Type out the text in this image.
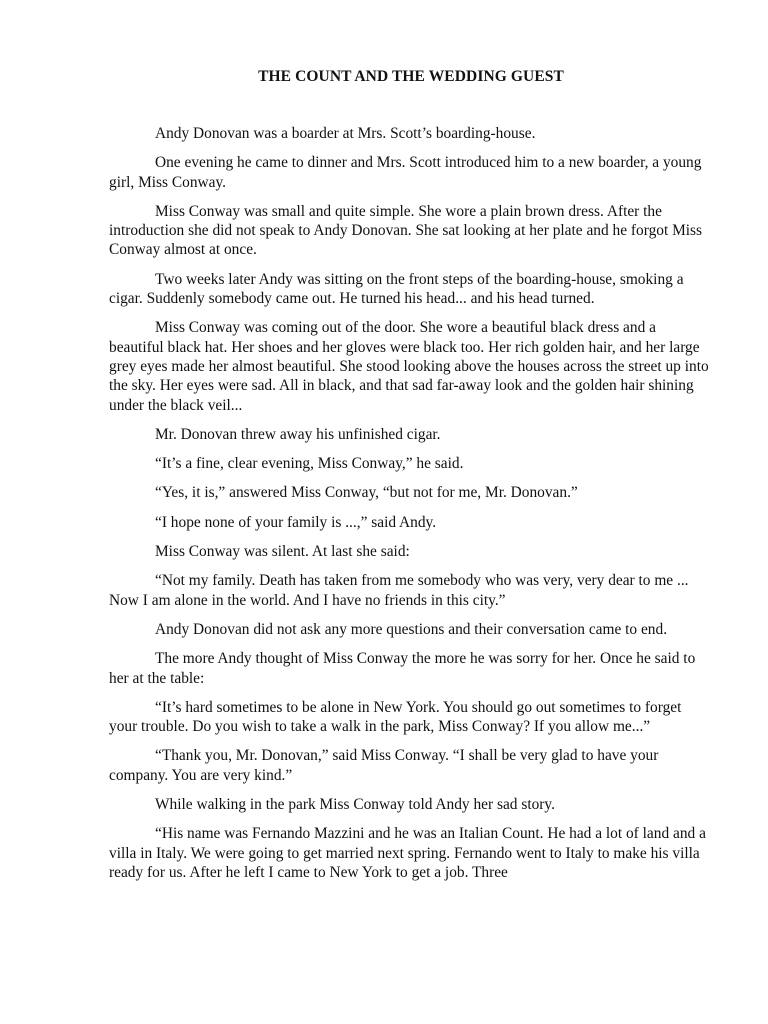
THE COUNT AND THE WEDDING GUEST

Andy Donovan was a boarder at Mrs. Scott’s boarding-house.

One evening he came to dinner and Mrs. Scott introduced him to a new boarder, a young girl, Miss Conway.

Miss Conway was small and quite simple. She wore a plain brown dress. After the introduction she did not speak to Andy Donovan. She sat looking at her plate and he forgot Miss Conway almost at once.

Two weeks later Andy was sitting on the front steps of the boarding-house, smoking a cigar. Suddenly somebody came out. He turned his head... and his head turned.

Miss Conway was coming out of the door. She wore a beautiful black dress and a beautiful black hat. Her shoes and her gloves were black too. Her rich golden hair, and her large grey eyes made her almost beautiful. She stood looking above the houses across the street up into the sky. Her eyes were sad. All in black, and that sad far-away look and the golden hair shining under the black veil...

Mr. Donovan threw away his unfinished cigar.

“It’s a fine, clear evening, Miss Conway,” he said.

“Yes, it is,” answered Miss Conway, “but not for me, Mr. Donovan.”

“I hope none of your family is ...,” said Andy.

Miss Conway was silent. At last she said:

“Not my family. Death has taken from me somebody who was very, very dear to me ... Now I am alone in the world. And I have no friends in this city.”

Andy Donovan did not ask any more questions and their conversation came to end.

The more Andy thought of Miss Conway the more he was sorry for her. Once he said to her at the table:

“It’s hard sometimes to be alone in New York. You should go out sometimes to forget your trouble. Do you wish to take a walk in the park, Miss Conway? If you allow me...”

“Thank you, Mr. Donovan,” said Miss Conway. “I shall be very glad to have your company. You are very kind.”

While walking in the park Miss Conway told Andy her sad story.

“His name was Fernando Mazzini and he was an Italian Count. He had a lot of land and a villa in Italy. We were going to get married next spring. Fernando went to Italy to make his villa ready for us. After he left I came to New York to get a job. Three
